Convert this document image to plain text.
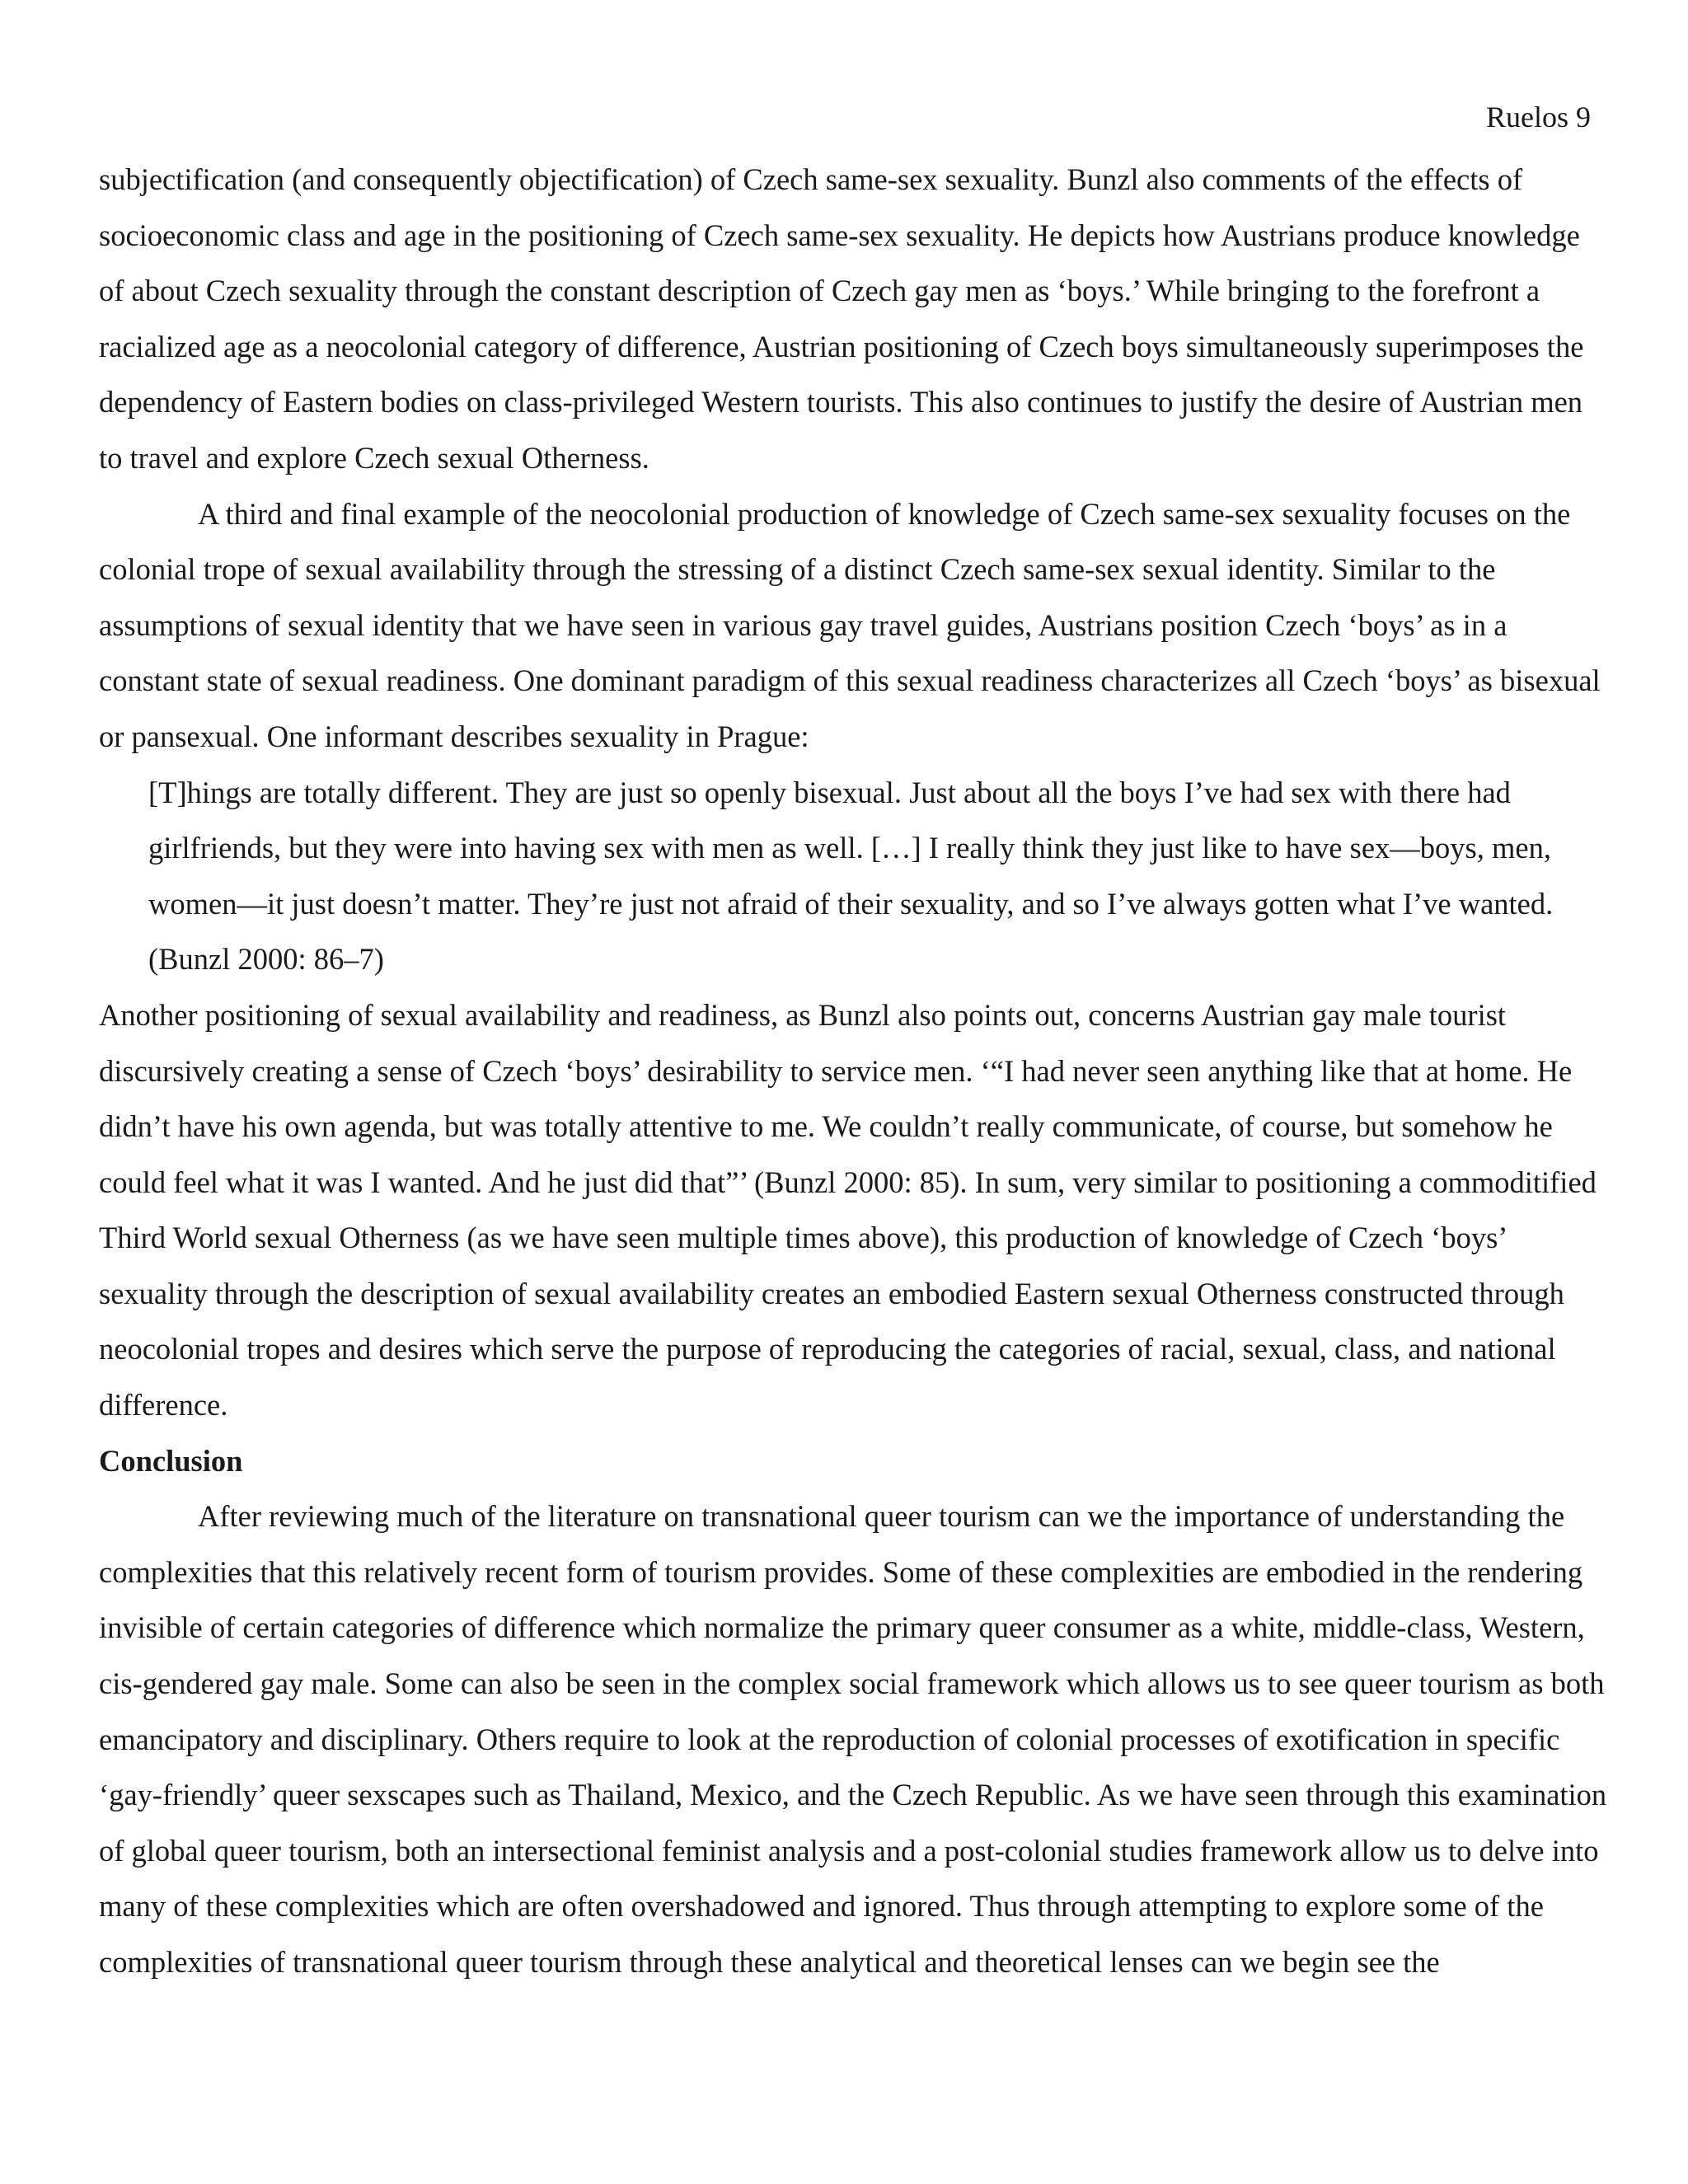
Ruelos 9

subjectification (and consequently objectification) of Czech same-sex sexuality. Bunzl also comments of the effects of socioeconomic class and age in the positioning of Czech same-sex sexuality. He depicts how Austrians produce knowledge of about Czech sexuality through the constant description of Czech gay men as ‘boys.’ While bringing to the forefront a racialized age as a neocolonial category of difference, Austrian positioning of Czech boys simultaneously superimposes the dependency of Eastern bodies on class-privileged Western tourists. This also continues to justify the desire of Austrian men to travel and explore Czech sexual Otherness.

A third and final example of the neocolonial production of knowledge of Czech same-sex sexuality focuses on the colonial trope of sexual availability through the stressing of a distinct Czech same-sex sexual identity. Similar to the assumptions of sexual identity that we have seen in various gay travel guides, Austrians position Czech ‘boys’ as in a constant state of sexual readiness. One dominant paradigm of this sexual readiness characterizes all Czech ‘boys’ as bisexual or pansexual. One informant describes sexuality in Prague:

[T]hings are totally different. They are just so openly bisexual. Just about all the boys I’ve had sex with there had girlfriends, but they were into having sex with men as well. […] I really think they just like to have sex—boys, men, women—it just doesn’t matter. They’re just not afraid of their sexuality, and so I’ve always gotten what I’ve wanted. (Bunzl 2000: 86–7)

Another positioning of sexual availability and readiness, as Bunzl also points out, concerns Austrian gay male tourist discursively creating a sense of Czech ‘boys’ desirability to service men. ‘“I had never seen anything like that at home. He didn’t have his own agenda, but was totally attentive to me. We couldn’t really communicate, of course, but somehow he could feel what it was I wanted. And he just did that”’ (Bunzl 2000: 85). In sum, very similar to positioning a commoditified Third World sexual Otherness (as we have seen multiple times above), this production of knowledge of Czech ‘boys’ sexuality through the description of sexual availability creates an embodied Eastern sexual Otherness constructed through neocolonial tropes and desires which serve the purpose of reproducing the categories of racial, sexual, class, and national difference.

Conclusion

After reviewing much of the literature on transnational queer tourism can we the importance of understanding the complexities that this relatively recent form of tourism provides. Some of these complexities are embodied in the rendering invisible of certain categories of difference which normalize the primary queer consumer as a white, middle-class, Western, cis-gendered gay male. Some can also be seen in the complex social framework which allows us to see queer tourism as both emancipatory and disciplinary. Others require to look at the reproduction of colonial processes of exotification in specific ‘gay-friendly’ queer sexscapes such as Thailand, Mexico, and the Czech Republic. As we have seen through this examination of global queer tourism, both an intersectional feminist analysis and a post-colonial studies framework allow us to delve into many of these complexities which are often overshadowed and ignored. Thus through attempting to explore some of the complexities of transnational queer tourism through these analytical and theoretical lenses can we begin see the
